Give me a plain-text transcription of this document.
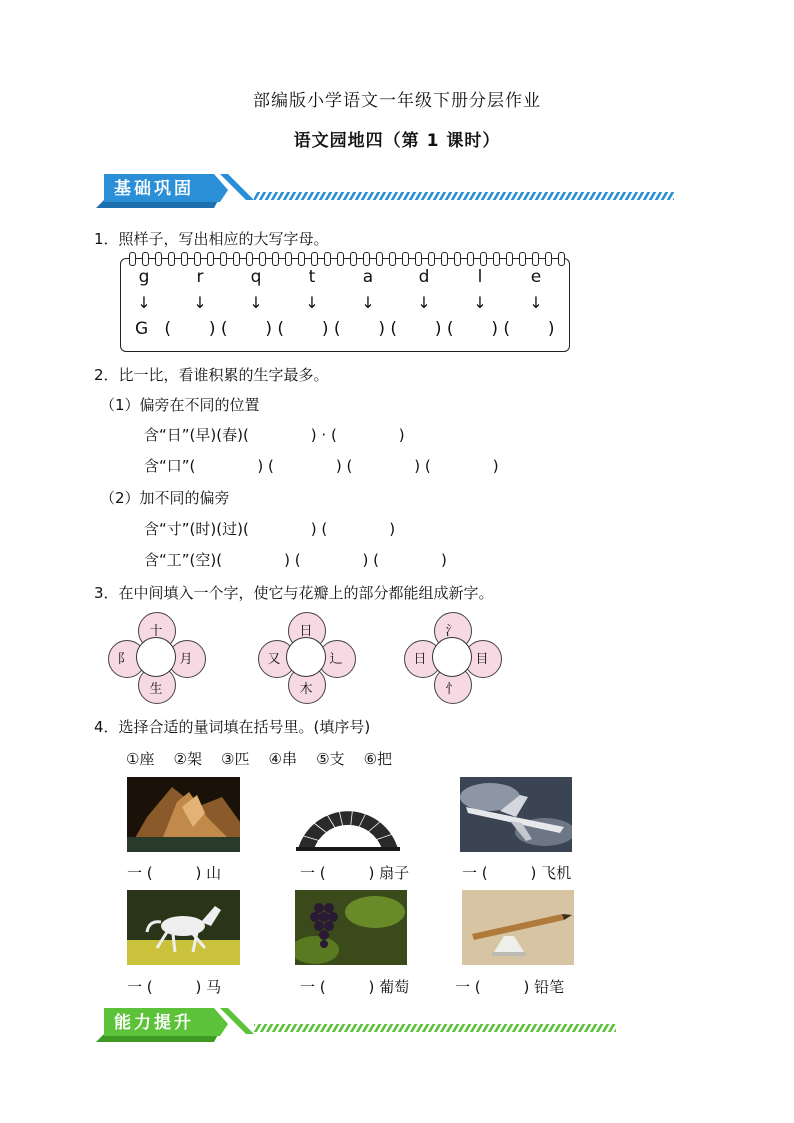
部编版小学语文一年级下册分层作业
语文园地四（第 1 课时）
基础巩固
1．照样子，写出相应的大写字母。
g	r	q	t	a	d	l	e
↓	↓	↓	↓	↓	↓	↓	↓
G   (       ) (       ) (       ) (       ) (       ) (       ) (       )
2．比一比，看谁积累的生字最多。
（1）偏旁在不同的位置
含“日”(早)(春)(             ) · (             )
含“口”(             ) (             ) (             ) (             )
（2）加不同的偏旁
含“寸”(时)(过)(             ) (             )
含“工”(空)(             ) (             ) (             )
3．在中间填入一个字，使它与花瓣上的部分都能组成新字。
十
阝	月
生
日
又	辶
木
氵
日	目
忄
4．选择合适的量词填在括号里。(填序号)
①座    ②架    ③匹    ④串    ⑤支    ⑥把
一 (         ) 山	一 (         ) 扇子	一 (         ) 飞机
一 (         ) 马	一 (         ) 葡萄	一 (         ) 铅笔
能力提升
